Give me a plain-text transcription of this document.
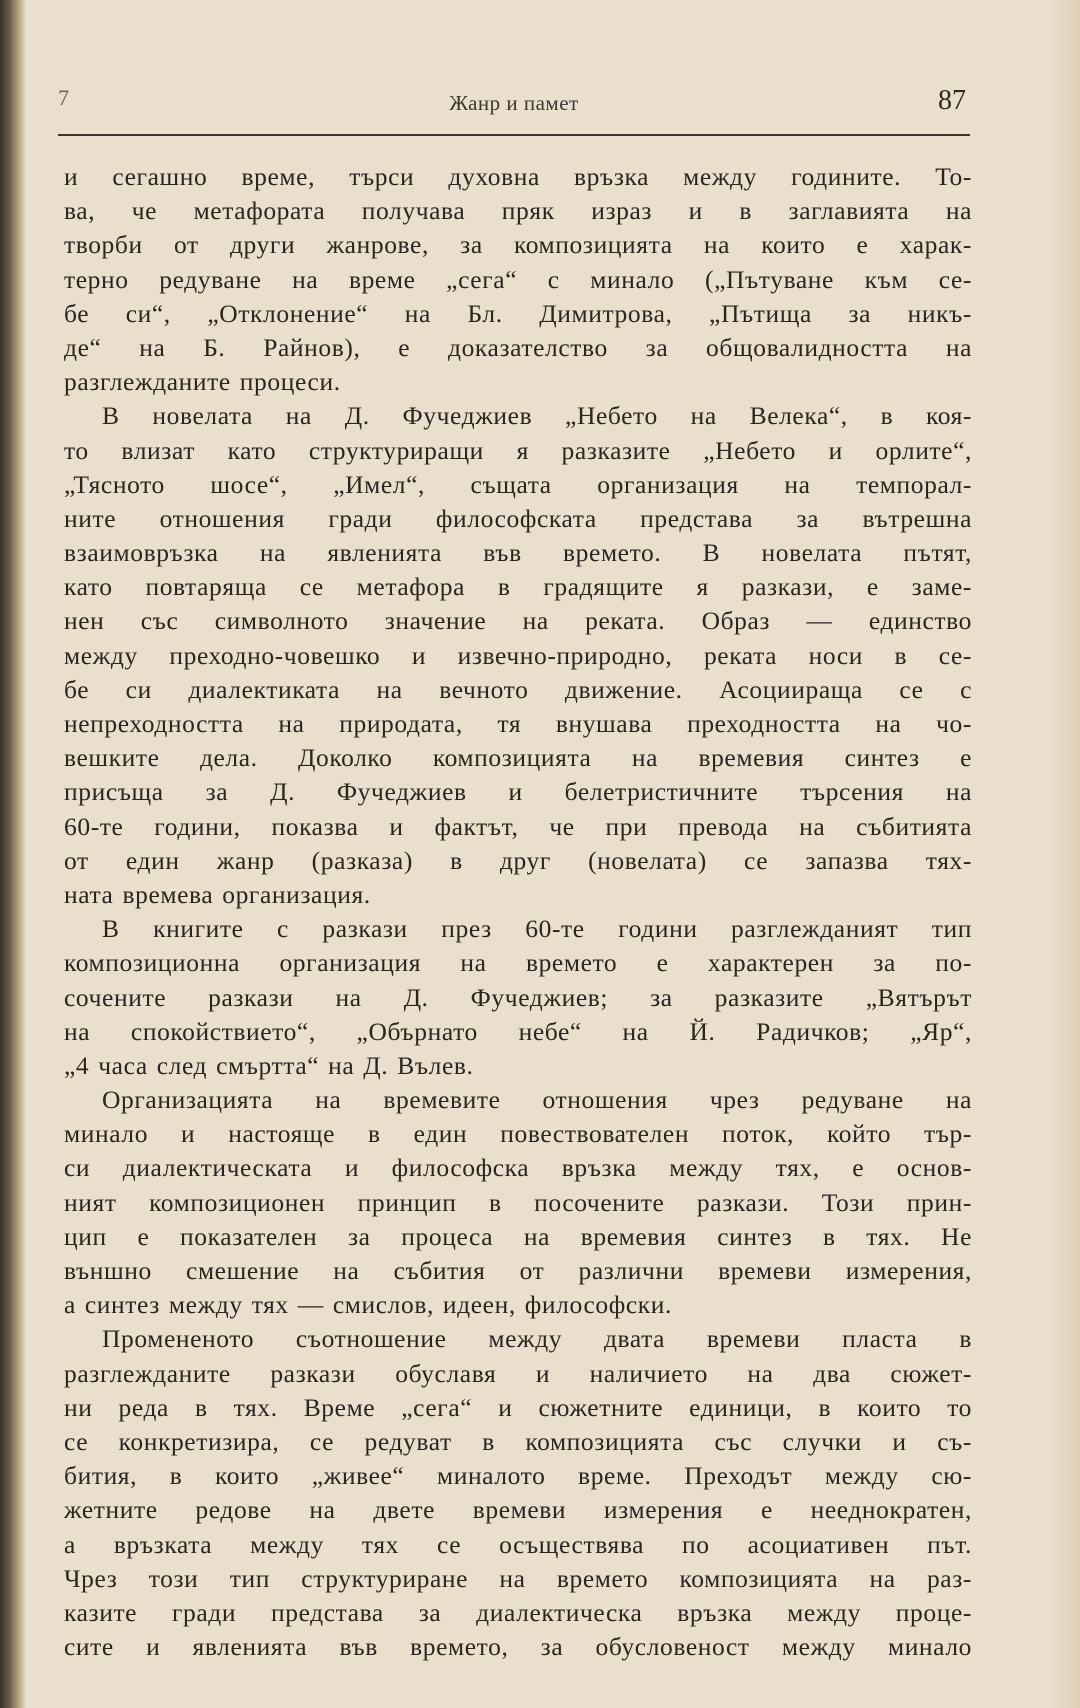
7	Жанр и памет	87
и сегашно време, търси духовна връзка между годините. То-
ва, че метафората получава пряк израз и в заглавията на
творби от други жанрове, за композицията на които е харак-
терно редуване на време „сега“ с минало („Пътуване към се-
бе си“, „Отклонение“ на Бл. Димитрова, „Пътища за никъ-
де“ на Б. Райнов), е доказателство за общовалидността на
разглежданите процеси.
В новелата на Д. Фучеджиев „Небето на Велека“, в коя-
то влизат като структуриращи я разказите „Небето и орлите“,
„Тясното шосе“, „Имел“, същата организация на темпорал-
ните отношения гради философската представа за вътрешна
взаимовръзка на явленията във времето. В новелата пътят,
като повтаряща се метафора в градящите я разкази, е заме-
нен със символното значение на реката. Образ — единство
между преходно-човешко и извечно-природно, реката носи в се-
бе си диалектиката на вечното движение. Асоциираща се с
непреходността на природата, тя внушава преходността на чо-
вешките дела. Доколко композицията на времевия синтез е
присъща за Д. Фучеджиев и белетристичните търсения на
60-те години, показва и фактът, че при превода на събитията
от един жанр (разказа) в друг (новелата) се запазва тях-
ната времева организация.
В книгите с разкази през 60-те години разглежданият тип
композиционна организация на времето е характерен за по-
сочените разкази на Д. Фучеджиев; за разказите „Вятърът
на спокойствието“, „Обърнато небе“ на Й. Радичков; „Яр“,
„4 часа след смъртта“ на Д. Вълев.
Организацията на времевите отношения чрез редуване на
минало и настояще в един повествователен поток, който тър-
си диалектическата и философска връзка между тях, е основ-
ният композиционен принцип в посочените разкази. Този прин-
цип е показателен за процеса на времевия синтез в тях. Не
външно смешение на събития от различни времеви измерения,
а синтез между тях — смислов, идеен, философски.
Промененото съотношение между двата времеви пласта в
разглежданите разкази обуславя и наличието на два сюжет-
ни реда в тях. Време „сега“ и сюжетните единици, в които то
се конкретизира, се редуват в композицията със случки и съ-
бития, в които „живее“ миналото време. Преходът между сю-
жетните редове на двете времеви измерения е нееднократен,
а връзката между тях се осъществява по асоциативен път.
Чрез този тип структуриране на времето композицията на раз-
казите гради представа за диалектическа връзка между проце-
сите и явленията във времето, за обусловеност между минало
